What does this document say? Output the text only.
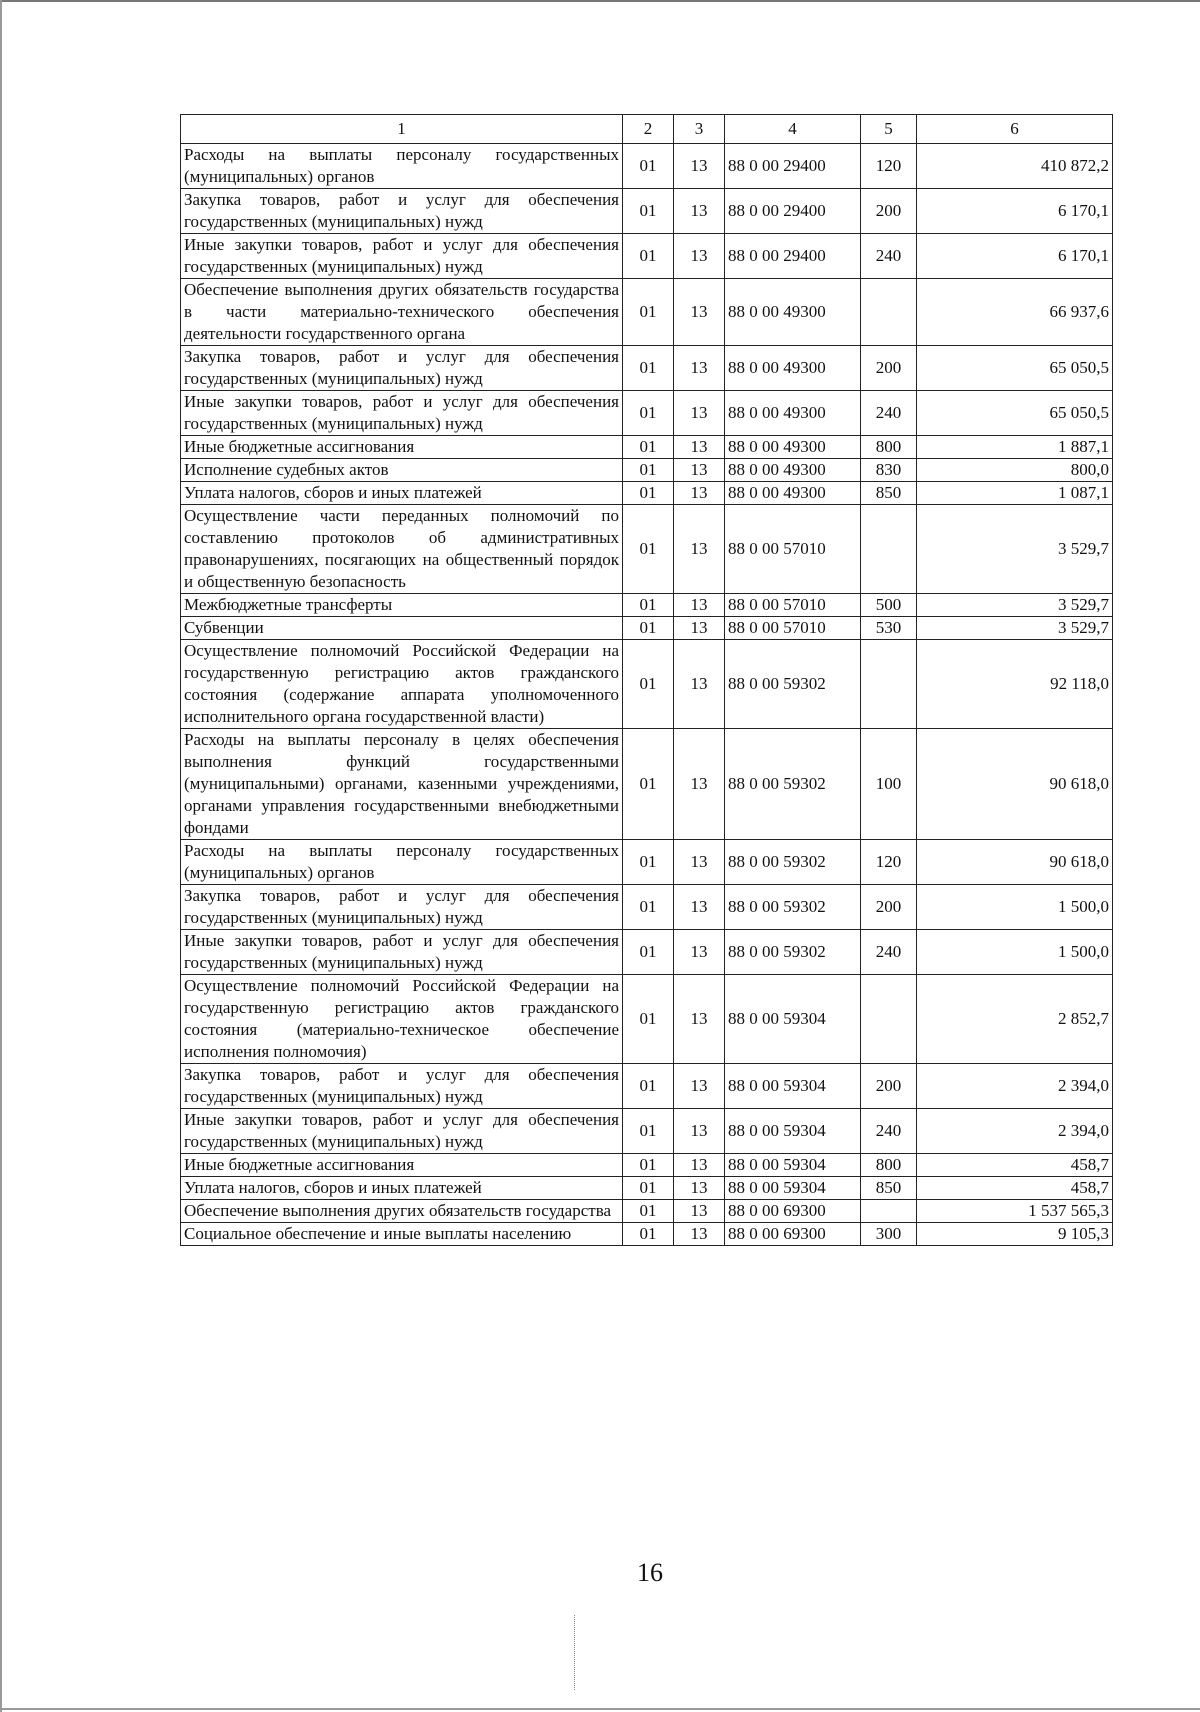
1	2	3	4	5	6
Расходы на выплаты персоналу государственных (муниципальных) органов	01	13	88 0 00 29400	120	410 872,2
Закупка товаров, работ и услуг для обеспечения государственных (муниципальных) нужд	01	13	88 0 00 29400	200	6 170,1
Иные закупки товаров, работ и услуг для обеспечения государственных (муниципальных) нужд	01	13	88 0 00 29400	240	6 170,1
Обеспечение выполнения других обязательств государства в части материально-технического обеспечения деятельности государственного органа	01	13	88 0 00 49300		66 937,6
Закупка товаров, работ и услуг для обеспечения государственных (муниципальных) нужд	01	13	88 0 00 49300	200	65 050,5
Иные закупки товаров, работ и услуг для обеспечения государственных (муниципальных) нужд	01	13	88 0 00 49300	240	65 050,5
Иные бюджетные ассигнования	01	13	88 0 00 49300	800	1 887,1
Исполнение судебных актов	01	13	88 0 00 49300	830	800,0
Уплата налогов, сборов и иных платежей	01	13	88 0 00 49300	850	1 087,1
Осуществление части переданных полномочий по составлению протоколов об административных правонарушениях, посягающих на общественный порядок и общественную безопасность	01	13	88 0 00 57010		3 529,7
Межбюджетные трансферты	01	13	88 0 00 57010	500	3 529,7
Субвенции	01	13	88 0 00 57010	530	3 529,7
Осуществление полномочий Российской Федерации на государственную регистрацию актов гражданского состояния (содержание аппарата уполномоченного исполнительного органа государственной власти)	01	13	88 0 00 59302		92 118,0
Расходы на выплаты персоналу в целях обеспечения выполнения функций государственными (муниципальными) органами, казенными учреждениями, органами управления государственными внебюджетными фондами	01	13	88 0 00 59302	100	90 618,0
Расходы на выплаты персоналу государственных (муниципальных) органов	01	13	88 0 00 59302	120	90 618,0
Закупка товаров, работ и услуг для обеспечения государственных (муниципальных) нужд	01	13	88 0 00 59302	200	1 500,0
Иные закупки товаров, работ и услуг для обеспечения государственных (муниципальных) нужд	01	13	88 0 00 59302	240	1 500,0
Осуществление полномочий Российской Федерации на государственную регистрацию актов гражданского состояния (материально-техническое обеспечение исполнения полномочия)	01	13	88 0 00 59304		2 852,7
Закупка товаров, работ и услуг для обеспечения государственных (муниципальных) нужд	01	13	88 0 00 59304	200	2 394,0
Иные закупки товаров, работ и услуг для обеспечения государственных (муниципальных) нужд	01	13	88 0 00 59304	240	2 394,0
Иные бюджетные ассигнования	01	13	88 0 00 59304	800	458,7
Уплата налогов, сборов и иных платежей	01	13	88 0 00 59304	850	458,7
Обеспечение выполнения других обязательств государства	01	13	88 0 00 69300		1 537 565,3
Социальное обеспечение и иные выплаты населению	01	13	88 0 00 69300	300	9 105,3
16
